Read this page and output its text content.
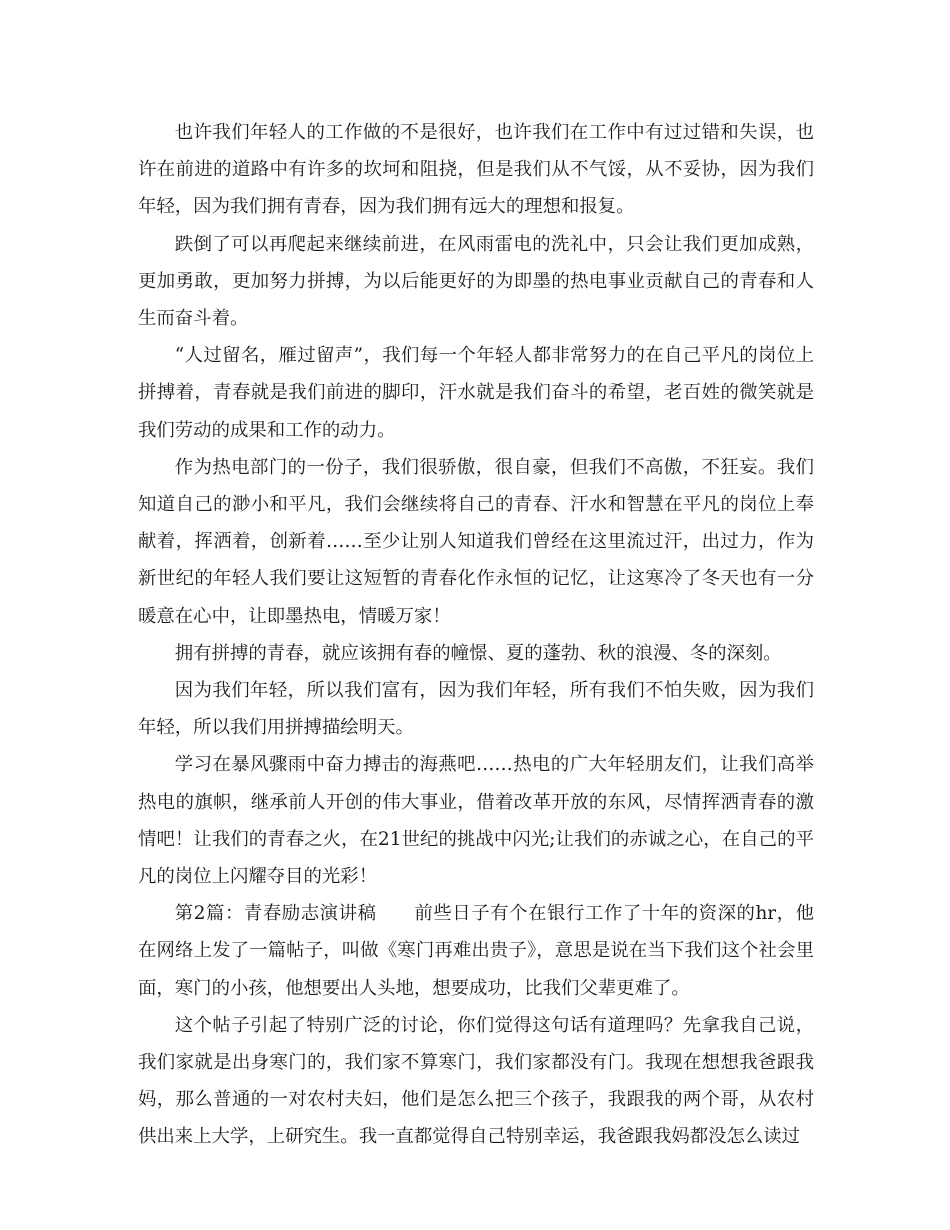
也许我们年轻人的工作做的不是很好，也许我们在工作中有过过错和失误，也许在前进的道路中有许多的坎坷和阻挠，但是我们从不气馁，从不妥协，因为我们年轻，因为我们拥有青春，因为我们拥有远大的理想和报复。

跌倒了可以再爬起来继续前进，在风雨雷电的洗礼中，只会让我们更加成熟，更加勇敢，更加努力拼搏，为以后能更好的为即墨的热电事业贡献自己的青春和人生而奋斗着。

“人过留名，雁过留声”，我们每一个年轻人都非常努力的在自己平凡的岗位上拼搏着，青春就是我们前进的脚印，汗水就是我们奋斗的希望，老百姓的微笑就是我们劳动的成果和工作的动力。

作为热电部门的一份子，我们很骄傲，很自豪，但我们不高傲，不狂妄。我们知道自己的渺小和平凡，我们会继续将自己的青春、汗水和智慧在平凡的岗位上奉献着，挥洒着，创新着……至少让别人知道我们曾经在这里流过汗，出过力，作为新世纪的年轻人我们要让这短暂的青春化作永恒的记忆，让这寒冷了冬天也有一分暖意在心中，让即墨热电，情暖万家！

拥有拼搏的青春，就应该拥有春的幢憬、夏的蓬勃、秋的浪漫、冬的深刻。

因为我们年轻，所以我们富有，因为我们年轻，所有我们不怕失败，因为我们年轻，所以我们用拼搏描绘明天。

学习在暴风骤雨中奋力搏击的海燕吧……热电的广大年轻朋友们，让我们高举热电的旗帜，继承前人开创的伟大事业，借着改革开放的东风，尽情挥洒青春的激情吧！让我们的青春之火，在21世纪的挑战中闪光;让我们的赤诚之心，在自己的平凡的岗位上闪耀夺目的光彩！

第2篇：青春励志演讲稿　　前些日子有个在银行工作了十年的资深的hr，他在网络上发了一篇帖子，叫做《寒门再难出贵子》，意思是说在当下我们这个社会里面，寒门的小孩，他想要出人头地，想要成功，比我们父辈更难了。

这个帖子引起了特别广泛的讨论，你们觉得这句话有道理吗？先拿我自己说，我们家就是出身寒门的，我们家不算寒门，我们家都没有门。我现在想想我爸跟我妈，那么普通的一对农村夫妇，他们是怎么把三个孩子，我跟我的两个哥，从农村供出来上大学，上研究生。我一直都觉得自己特别幸运，我爸跟我妈都没怎么读过
